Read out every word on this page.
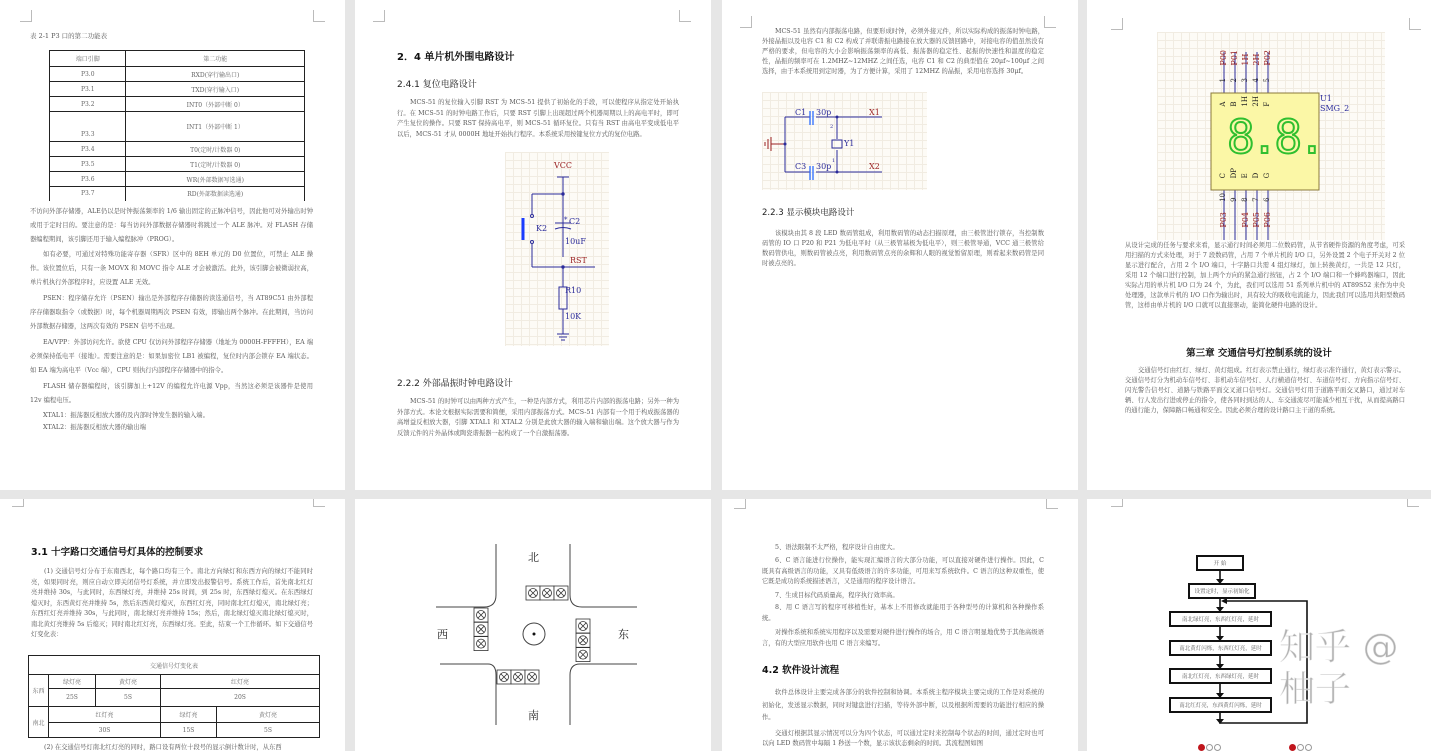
表 2-1 P3 口的第二功能表
端口引脚	第二功能
P3.0	RXD(穿行输出口)
P3.1	TXD(穿行输入口)
P3.2	INT0（外部中断 0）
P3.3	INT1（外部中断 1）
P3.4	T0(定时/计数器 0)
P3.5	T1(定时/计数器 0)
P3.6	WR(外部数据写选通)
P3.7	RD(外部数据读选通)
不访问外部存储器，ALE仍以是时钟振荡频率的 1/6 输出固定的正脉冲信号，因此他可对外输出时钟或用于定时目的。要注意的是：每当访问外部数据存储器时将跳过一个 ALE 脉冲。对 FLASH 存储器编程期间，该引脚还用于输入编程脉冲（PROG）。
如有必要，可通过对特殊功能寄存器（SFR）区中的 8EH 单元的 D0 位置位，可禁止 ALE 操作。该位置位后，只有一条 MOVX 和 MOVC 指令 ALE 才会被激活。此外，该引脚会被微弱拉高，单片机执行外部程序时，应设置 ALE 无效。
PSEN：程序储存允许（PSEN）输出是外部程序存储器的读选通信号，当 AT89C51 由外部程序存储器取指令（或数据）时，每个机器周期两次 PSEN 有效，即输出两个脉冲。在此期间，当访问外部数据存储器，这两次有效的 PSEN 信号不出现。
EA/VPP：外部访问允许。欲使 CPU 仅访问外部程序存储器（地址为 0000H-FFFFH），EA 端必须保持低电平（接地）。需要注意的是：如果加密位 LB1 被编程，复位时内部会锁存 EA 端状态。如 EA 端为高电平（Vcc 端），CPU 则执行内部程序存储器中的指令。
FLASH 储存器编程时，该引脚加上+12V 的编程允许电源 Vpp，当然这必须是该器件是使用 12v 编程电压。
XTAL1：振荡器反相放大器的及内部时钟发生器的输入端。
XTAL2：振荡器反相放大器的输出端
2．4 单片机外围电路设计
2.4.1 复位电路设计
MCS-51 的复位输入引脚 RST 为 MCS-51 提供了初始化的手段，可以使程序从指定处开始执行。在 MCS-51 的时钟电路工作后，只要 RST 引脚上出现超过两个机器周期以上的高电平时，即可产生复位的操作。只要 RST 保持高电平，则 MCS-51 循环复位。只有当 RST 由高电平变成低电平以后，MCS-51 才从 0000H 地址开始执行程序。本系统采用按键复位方式的复位电路。
VCC
K2
* C2
10uF
RST
R10
10K
2.2.2 外部晶振时钟电路设计
MCS-51 的时钟可以由两种方式产生，一种是内部方式，利用芯片内部的振荡电路；另外一种为外部方式。本论文根据实际需要和简便，采用内部振荡方式。MCS-51 内部有一个用于构成振荡器的高增益反相放大器，引脚 XTAL1 和 XTAL2 分别是此放大器的输入端和输出端。这个放大器与作为反馈元件的片外晶体或陶瓷谐振器一起构成了一个自激振荡器。
MCS-51 虽然有内部振荡电路，但要形成时钟，必须外接元件，所以实际构成的振荡时钟电路，外接晶振以及电容 C1 和 C2 构成了并联谐振电路接在放大器的反馈回路中，对接电容的值虽然没有严格的要求，但电容的大小会影响振荡频率的高低、振荡器的稳定性、起振的快速性和温度的稳定性，晶振的频率可在 1.2MHZ~12MHZ 之间任选，电容 C1 和 C2 的典型值在 20μf~100μf 之间选择，由于本系统用到定时器，为了方便计算，采用了 12MHZ 的晶振，采用电容选择 30μf。
C1 30p
C3 30p
X1
X2
Y1
2
1
2.2.3 显示模块电路设计
该模块由其 8 段 LED 数码管组成，利用数码管的动态扫描原理，由三极管进行锁存，当控制数码管的 IO 口 P20 和 P21 为低电平时（从三极管基极为低电平），则三极管导通，VCC 通三极管给数码管供电，则数码管被点亮，利用数码管点亮的余辉和人眼的视觉暂留原理，则看起来数码管是同时被点亮的。
P00 P01 1H 2H P02
1 2 3 4 5
A B 1H 2H F
8.8.
C DP E D G
10 9 8 7 6
P03 P04 P05 P06
U1
SMG_2
从设计完成的任务与要求来看，显示通行时间必须用二位数码管，从节省硬件资源的角度考虑，可采用扫描的方式来处理，对于 7 段数码管，占用 7 个单片机的 I/O 口，另外设置 2 个电子开关对 2 位显示进行配合，占用 2 个 I/O 端口，十字路口共需 4 组灯绿灯，加上转换黄灯，一共是 12 只灯，采用 12 个端口进行控制，加上两个方向的紧急通行按钮，占 2 个 I/O 端口和一个蜂鸣器端口，因此实际占用的单片机 I/O 口为 24 个，为此，我们可以选用 51 系列单片机中的 AT89S52 来作为中央处理器，这款单片机的 I/O 口作为输出时，具有较大的吸收电流能力，因此我们可以选用共阳型数码管，这样由单片机的 I/O 口就可以直接驱动，能简化硬件电路的设计。
第三章 交通信号灯控制系统的设计
交通信号灯由红灯、绿灯、黄灯组成。红灯表示禁止通行，绿灯表示准许通行，黄灯表示警示。交通信号灯分为机动车信号灯、非机动车信号灯、人行横道信号灯、车道信号灯、方向指示信号灯、闪光警告信号灯、道路与铁路平面交叉道口信号灯。交通信号灯用于道路平面交叉路口，通过对车辆、行人发出行进或停止的指令，使各同时到达的人、车交通流尽可能减少相互干扰，从而提高路口的通行能力，保障路口畅通和安全。因此必须合理的设计路口主干道的系统。
3.1 十字路口交通信号灯具体的控制要求
(1) 交通信号灯分布于东南西北，每个路口均有三个。南北方向绿灯和东西方向的绿灯不能同时亮，如果同时亮，则应自动立即关闭信号灯系统，并立即发出报警信号。系统工作后，首先南北红灯亮并维持 30s，与此同时，东西绿灯亮，并维持 25s 时间，到 25s 时，东西绿灯熄灭。在东西绿灯熄灭时，东西黄灯亮并维持 5s，然后东西黄灯熄灭，东西红灯亮，同时南北红灯熄灭，南北绿灯亮；东西红灯亮并维持 30s，与此同时，南北绿灯亮并维持 15s；然后，南北绿灯熄灭南北绿灯熄灭时，南北黄灯亮维持 5s 后熄灭；同时南北红灯亮，东西绿灯亮。至此，结束一个工作循环。如下交通信号灯变化表：
交通信号灯变化表				
东西	绿灯亮	黄灯亮	红灯亮	
	25S	5S	20S	
南北	红灯亮		绿灯亮	黄灯亮
	30S		15S	5S
(2) 在交通信号灯南北红灯亮的同时，路口设有两位十段号的显示倒计数计时，从东西
北
西	东
南
5、语法限制不太严格，程序设计自由度大。
6、C 语言能进行位操作，能实现汇编语言的大部分功能，可以直接对硬件进行操作。因此，C 既具有高级语言的功能，又具有低级语言的许多功能，可用来写系统软件。C 语言的这种双重性，使它既是成功的系统描述语言，又是通用的程序设计语言。
7、生成目标代码质量高，程序执行效率高。
8、用 C 语言写的程序可移植性好，基本上不用修改就能用于各种型号的计算机和各种操作系统。
对操作系统和系统实用程序以及需要对硬件进行操作的场合，用 C 语言明显地优势于其他高级语言，有的大型应用软件也用 C 语言来编写。
4.2 软件设计流程
软件总体设计主要完成各部分的软件控制和协调。本系统主程序模块主要完成的工作是对系统的初始化，发送显示数据，同时对键盘进行扫描，等待外部中断，以及根据所需要的功能进行相应的操作。
交通灯根据其显示情况可以分为四个状态，可以通过定时来控制每个状态的时间，通过定时也可以向 LED 数码管中每隔 1 秒送一个数，显示该状态剩余的时间。其流程图如图
开 始
设置定时，显示初始化
南北绿灯亮，东西红灯亮，延时
南北黄灯闪烁，东西红灯亮，延时
南北红灯亮，东西绿灯亮，延时
南北红灯亮，东西黄灯闪烁，延时
知乎 @柚子
